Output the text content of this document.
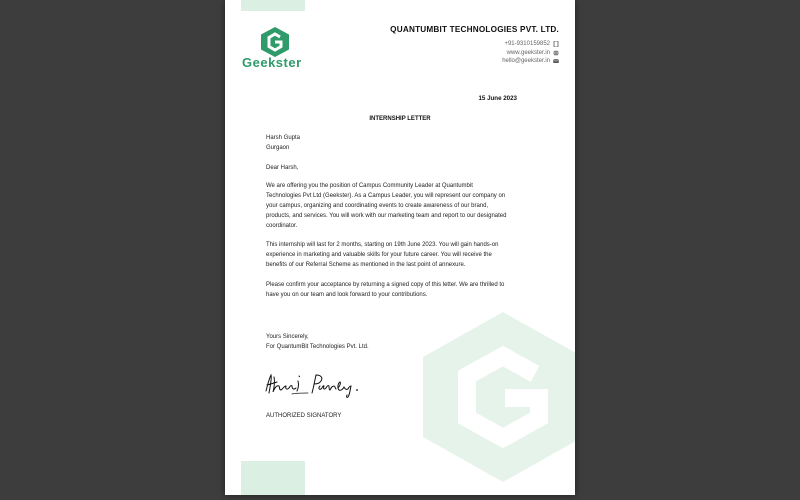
Geekster
QUANTUMBIT TECHNOLOGIES PVT. LTD.
+91-9310159852
www.geekster.in
hello@geekster.in
15 June 2023
INTERNSHIP LETTER
Harsh Gupta
Gurgaon
Dear Harsh,
We are offering you the position of Campus Community Leader at Quantumbit
Technologies Pvt Ltd (Geekster). As a Campus Leader, you will represent our company on
your campus, organizing and coordinating events to create awareness of our brand,
products, and services. You will work with our marketing team and report to our designated
coordinator.
This internship will last for 2 months, starting on 19th June 2023. You will gain hands-on
experience in marketing and valuable skills for your future career. You will receive the
benefits of our Referral Scheme as mentioned in the last point of annexure.
Please confirm your acceptance by returning a signed copy of this letter. We are thrilled to
have you on our team and look forward to your contributions.
Yours Sincerely,
For QuantumBit Technologies Pvt. Ltd.
AUTHORIZED SIGNATORY
